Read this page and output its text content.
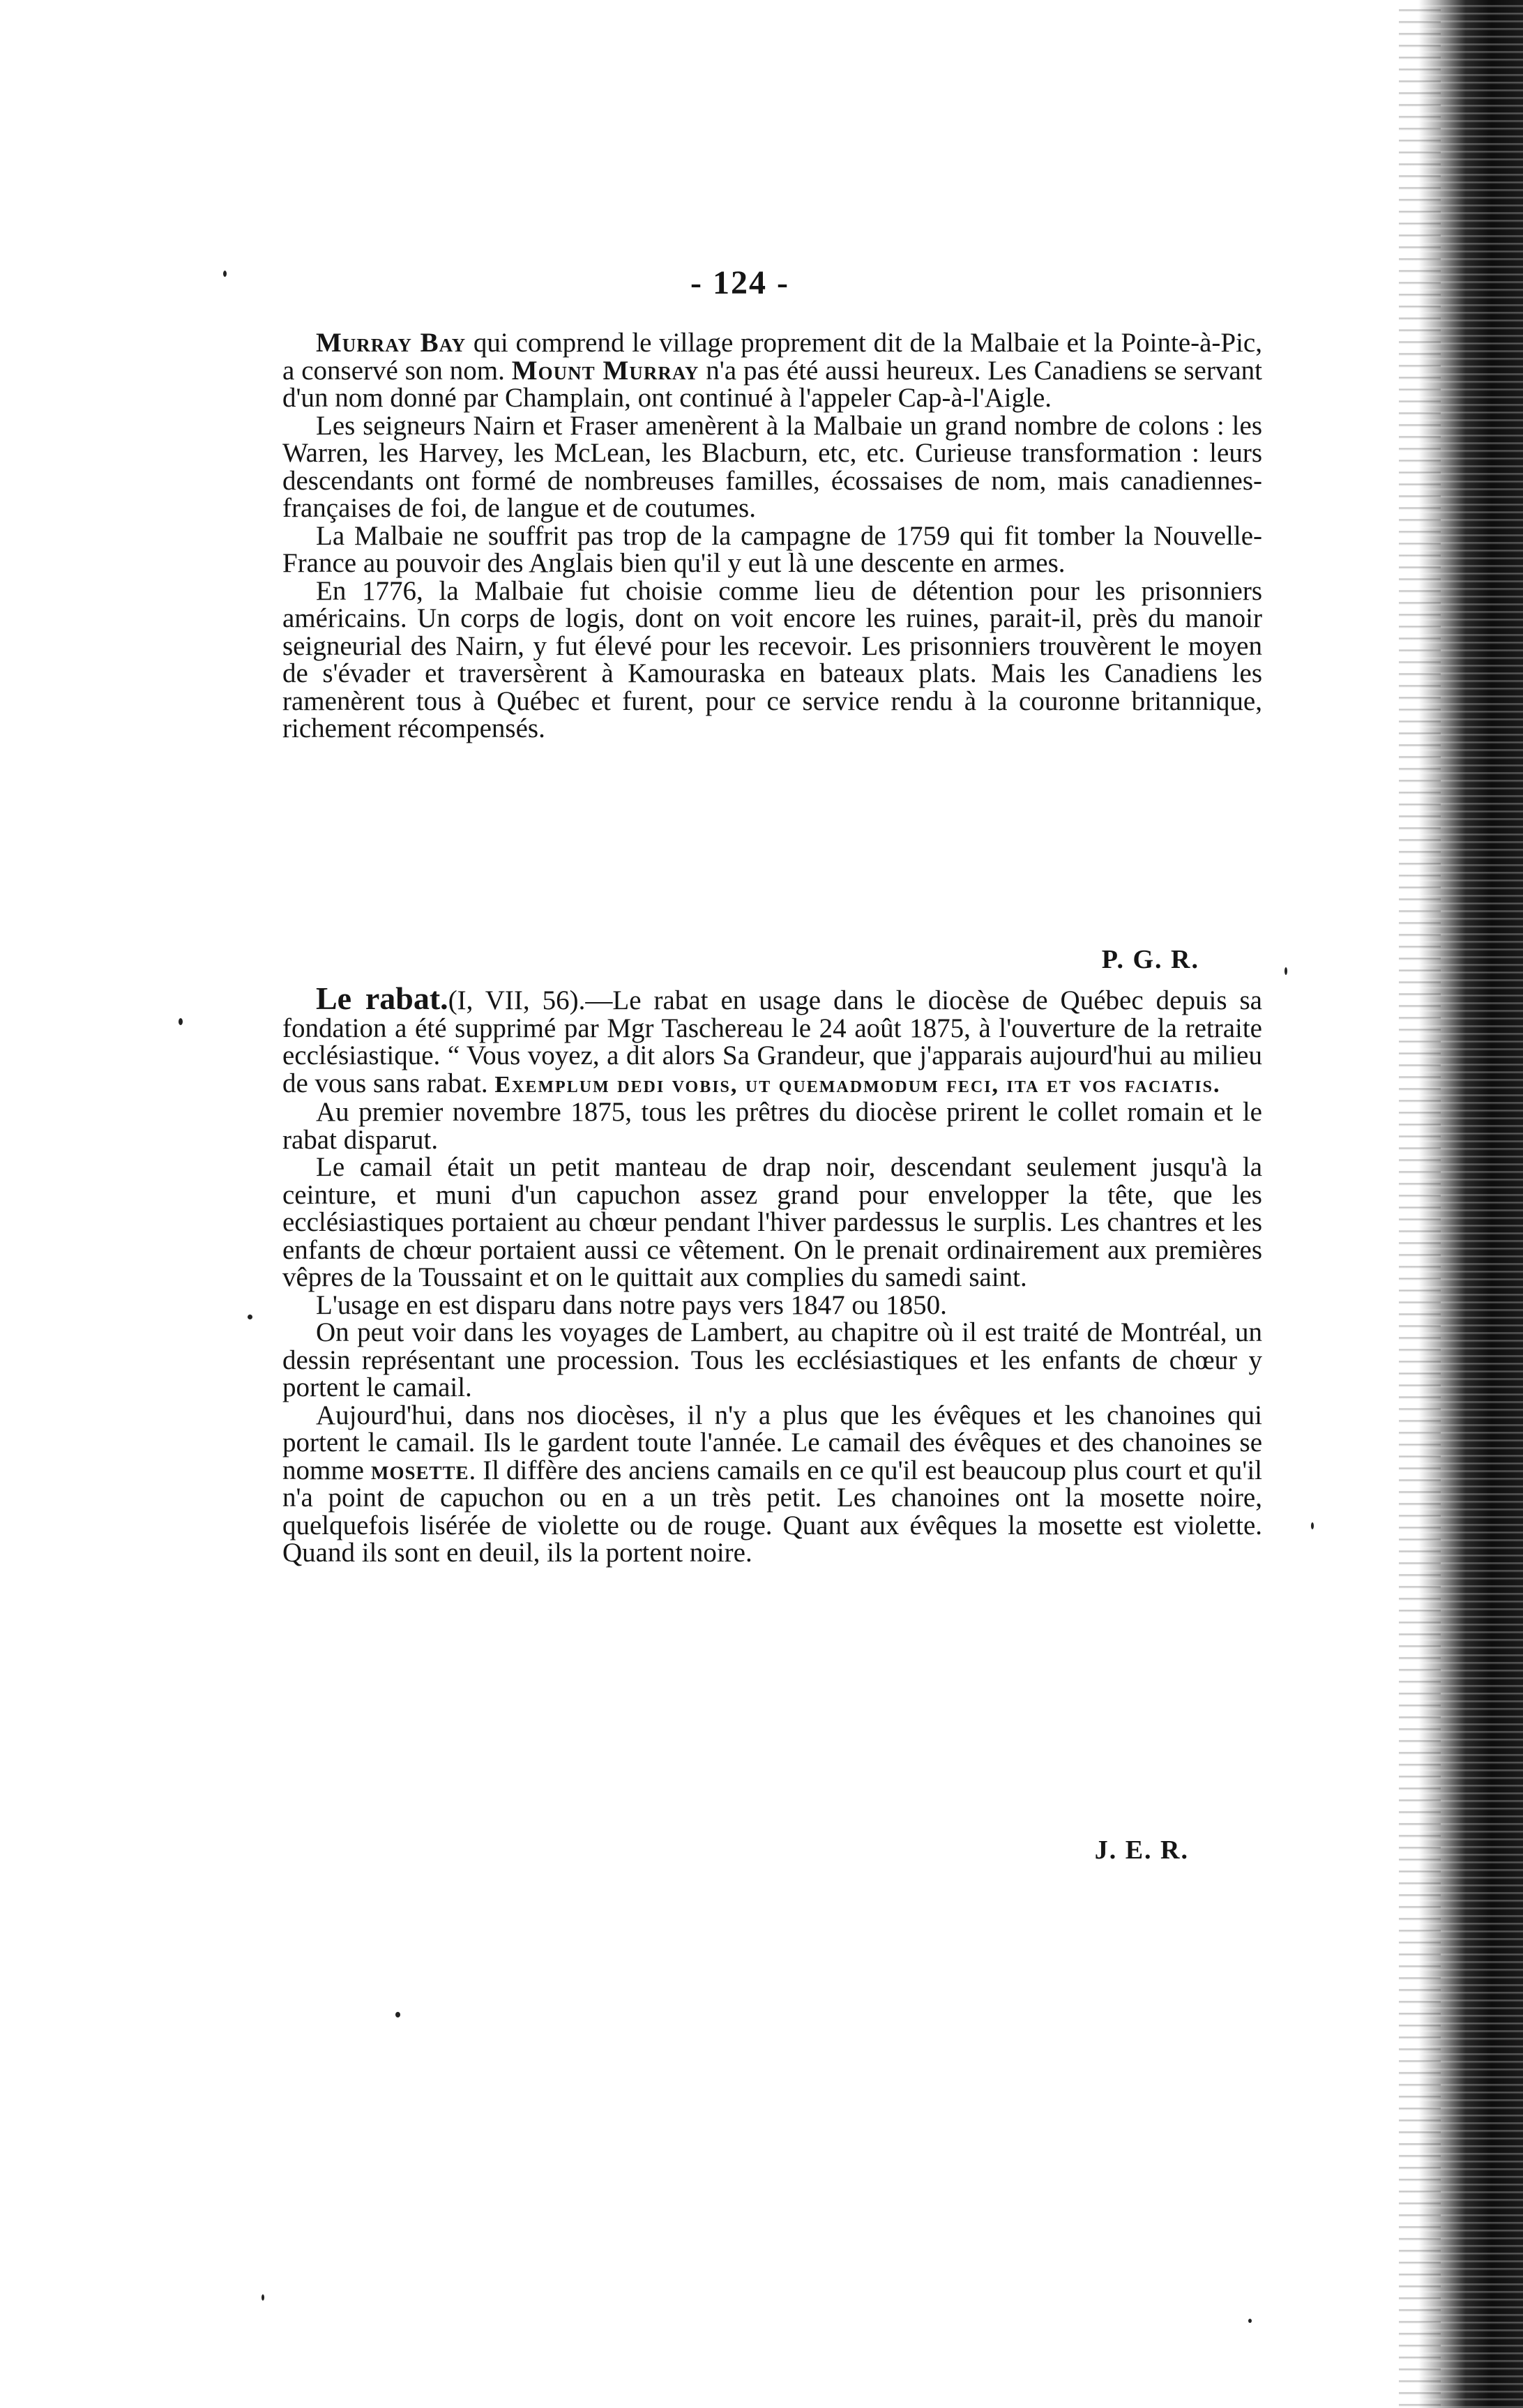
- 124 -

Murray Bay qui comprend le village proprement dit de la Malbaie et la Pointe-à-Pic, a conservé son nom. Mount Murray n'a pas été aussi heureux. Les Canadiens se servant d'un nom donné par Champlain, ont continué à l'appeler Cap-à-l'Aigle.

Les seigneurs Nairn et Fraser amenèrent à la Malbaie un grand nombre de colons : les Warren, les Harvey, les McLean, les Blacburn, etc, etc. Curieuse transformation : leurs descendants ont formé de nombreuses familles, écossaises de nom, mais canadiennes-françaises de foi, de langue et de coutumes.

La Malbaie ne souffrit pas trop de la campagne de 1759 qui fit tomber la Nouvelle-France au pouvoir des Anglais bien qu'il y eut là une descente en armes.

En 1776, la Malbaie fut choisie comme lieu de détention pour les prisonniers américains. Un corps de logis, dont on voit encore les ruines, parait-il, près du manoir seigneurial des Nairn, y fut élevé pour les recevoir. Les prisonniers trouvèrent le moyen de s'évader et traversèrent à Kamouraska en bateaux plats. Mais les Canadiens les ramenèrent tous à Québec et furent, pour ce service rendu à la couronne britannique, richement récompensés.

P. G. R.

Le rabat.(I, VII, 56).—Le rabat en usage dans le diocèse de Québec depuis sa fondation a été supprimé par Mgr Taschereau le 24 août 1875, à l'ouverture de la retraite ecclésiastique. “ Vous voyez, a dit alors Sa Grandeur, que j'apparais aujourd'hui au milieu de vous sans rabat. Exemplum dedi vobis, ut quemadmodum feci, ita et vos faciatis.

Au premier novembre 1875, tous les prêtres du diocèse prirent le collet romain et le rabat disparut.

Le camail était un petit manteau de drap noir, descendant seulement jusqu'à la ceinture, et muni d'un capuchon assez grand pour envelopper la tête, que les ecclésiastiques portaient au chœur pendant l'hiver pardessus le surplis. Les chantres et les enfants de chœur portaient aussi ce vêtement. On le prenait ordinairement aux premières vêpres de la Toussaint et on le quittait aux complies du samedi saint.

L'usage en est disparu dans notre pays vers 1847 ou 1850.

On peut voir dans les voyages de Lambert, au chapitre où il est traité de Montréal, un dessin représentant une procession. Tous les ecclésiastiques et les enfants de chœur y portent le camail.

Aujourd'hui, dans nos diocèses, il n'y a plus que les évêques et les chanoines qui portent le camail. Ils le gardent toute l'année. Le camail des évêques et des chanoines se nomme mosette. Il diffère des anciens camails en ce qu'il est beaucoup plus court et qu'il n'a point de capuchon ou en a un très petit. Les chanoines ont la mosette noire, quelquefois lisérée de violette ou de rouge. Quant aux évêques la mosette est violette. Quand ils sont en deuil, ils la portent noire.

J. E. R.
